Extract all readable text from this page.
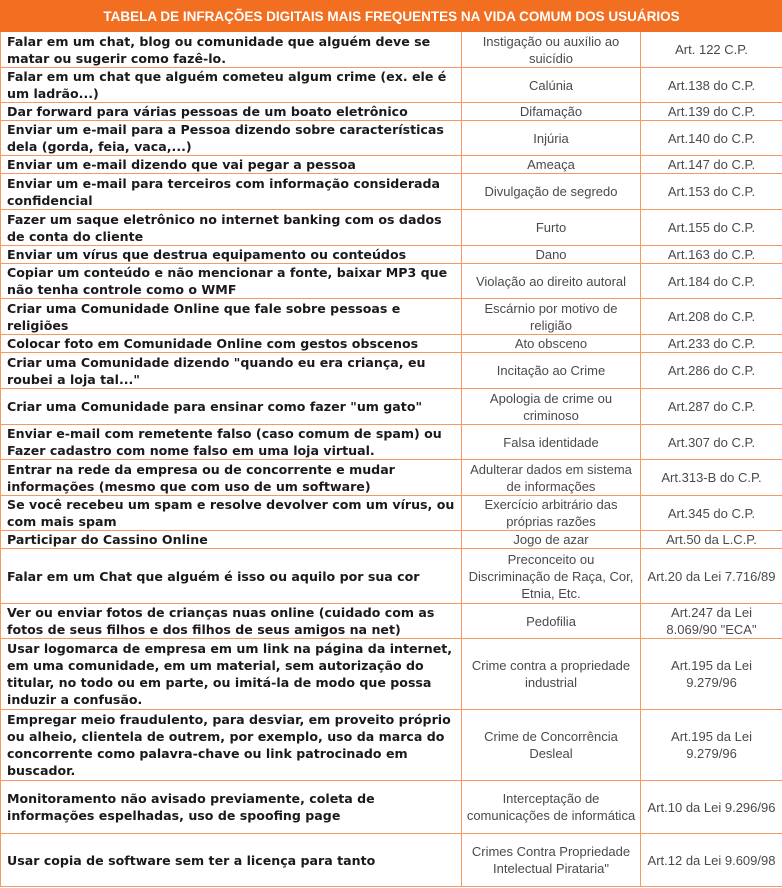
TABELA DE INFRAÇÕES DIGITAIS MAIS FREQUENTES NA VIDA COMUM DOS USUÁRIOS		
Falar em um chat, blog ou comunidade que alguém deve se matar ou sugerir como fazê-lo.	Instigação ou auxílio ao suicídio	Art. 122 C.P.
Falar em um chat que alguém cometeu algum crime (ex. ele é um ladrão...)	Calúnia	Art.138 do C.P.
Dar forward para várias pessoas de um boato eletrônico	Difamação	Art.139 do C.P.
Enviar um e-mail para a Pessoa dizendo sobre características dela (gorda, feia, vaca,...)	Injúria	Art.140 do C.P.
Enviar um e-mail dizendo que vai pegar a pessoa	Ameaça	Art.147 do C.P.
Enviar um e-mail para terceiros com informação considerada confidencial	Divulgação de segredo	Art.153 do C.P.
Fazer um saque eletrônico no internet banking com os dados de conta do cliente	Furto	Art.155 do C.P.
Enviar um vírus que destrua equipamento ou conteúdos	Dano	Art.163 do C.P.
Copiar um conteúdo e não mencionar a fonte, baixar MP3 que não tenha controle como o WMF	Violação ao direito autoral	Art.184 do C.P.
Criar uma Comunidade Online que fale sobre pessoas e religiões	Escárnio por motivo de religião	Art.208 do C.P.
Colocar foto em Comunidade Online com gestos obscenos	Ato obsceno	Art.233 do C.P.
Criar uma Comunidade dizendo "quando eu era criança, eu roubei a loja tal..."	Incitação ao Crime	Art.286 do C.P.
Criar uma Comunidade para ensinar como fazer "um gato"	Apologia de crime ou criminoso	Art.287 do C.P.
Enviar e-mail com remetente falso (caso comum de spam) ou Fazer cadastro com nome falso em uma loja virtual.	Falsa identidade	Art.307 do C.P.
Entrar na rede da empresa ou de concorrente e mudar informações (mesmo que com uso de um software)	Adulterar dados em sistema de informações	Art.313-B do C.P.
Se você recebeu um spam e resolve devolver com um vírus, ou com mais spam	Exercício arbitrário das próprias razões	Art.345 do C.P.
Participar do Cassino Online	Jogo de azar	Art.50 da L.C.P.
Falar em um Chat que alguém é isso ou aquilo por sua cor	Preconceito ou Discriminação de Raça, Cor, Etnia, Etc.	Art.20 da Lei 7.716/89
Ver ou enviar fotos de crianças nuas online (cuidado com as fotos de seus filhos e dos filhos de seus amigos na net)	Pedofilia	Art.247 da Lei 8.069/90 "ECA"
Usar logomarca de empresa em um link na página da internet, em uma comunidade, em um material, sem autorização do titular, no todo ou em parte, ou imitá-la de modo que possa induzir a confusão.	Crime contra a propriedade industrial	Art.195 da Lei 9.279/96
Empregar meio fraudulento, para desviar, em proveito próprio ou alheio, clientela de outrem, por exemplo, uso da marca do concorrente como palavra-chave ou link patrocinado em buscador.	Crime de Concorrência Desleal	Art.195 da Lei 9.279/96
Monitoramento não avisado previamente, coleta de informações espelhadas, uso de spoofing page	Interceptação de comunicações de informática	Art.10 da Lei 9.296/96
Usar copia de software sem ter a licença para tanto	Crimes Contra Propriedade Intelectual Pirataria"	Art.12 da Lei 9.609/98
